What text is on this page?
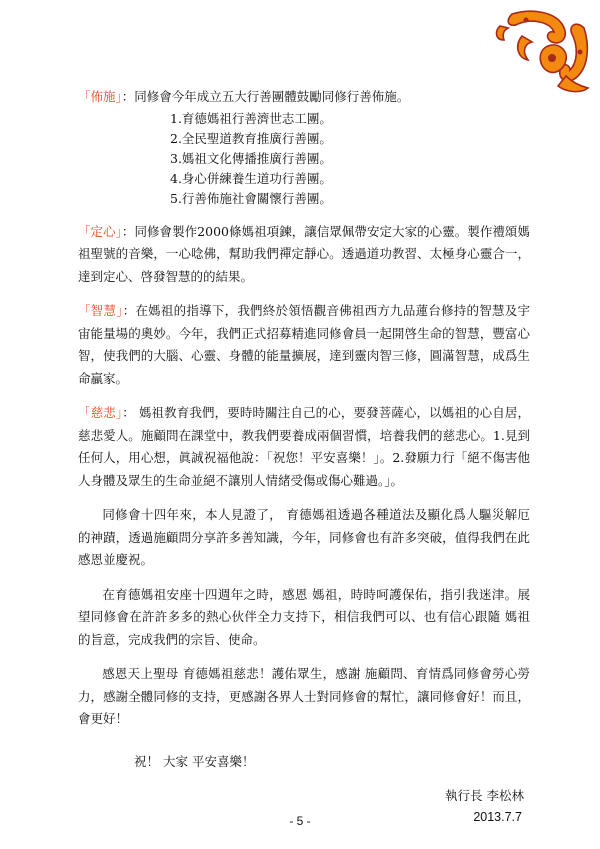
「佈施」：同修會今年成立五大行善團體鼓勵同修行善佈施。

1.育德媽祖行善濟世志工團。
2.全民聖道教育推廣行善團。
3.媽祖文化傳播推廣行善團。
4.身心併練養生道功行善團。
5.行善佈施社會關懷行善團。

「定心」：同修會製作2000條媽祖項鍊，讓信眾佩帶安定大家的心靈。製作禮頌媽祖聖號的音樂，一心唸佛，幫助我們禪定靜心。透過道功教習、太極身心靈合一，達到定心、啓發智慧的的結果。

「智慧」：在媽祖的指導下，我們終於領悟觀音佛祖西方九品蓮台修持的智慧及宇宙能量場的奧妙。今年，我們正式招募精進同修會員一起開啓生命的智慧，豐富心智，使我們的大腦、心靈、身體的能量擴展，達到靈肉智三修，圓滿智慧，成爲生命贏家。

「慈悲」： 媽祖教育我們，要時時關注自己的心，要發菩薩心，以媽祖的心自居，慈悲愛人。施顧問在課堂中，教我們要養成兩個習慣，培養我們的慈悲心。1.見到任何人，用心想，眞誠祝福他說：「祝您！平安喜樂！」。2.發願力行「絕不傷害他人身體及眾生的生命並絕不讓別人情緒受傷或傷心難過。」。

同修會十四年來，本人見證了， 育德媽祖透過各種道法及顯化爲人驅災解厄的神蹟，透過施顧問分享許多善知識，今年，同修會也有許多突破，值得我們在此感恩並慶祝。

在育德媽祖安座十四週年之時，感恩 媽祖，時時呵護保佑，指引我迷津。展望同修會在許許多多的熱心伙伴全力支持下，相信我們可以、也有信心跟隨 媽祖的旨意，完成我們的宗旨、使命。

感恩天上聖母 育德媽祖慈悲！護佑眾生，感謝 施顧問、育情爲同修會勞心勞力，感謝全體同修的支持，更感謝各界人士對同修會的幫忙，讓同修會好！而且，會更好！

祝！ 大家 平安喜樂！

執行長 李松林

2013.7.7

- 5 -
